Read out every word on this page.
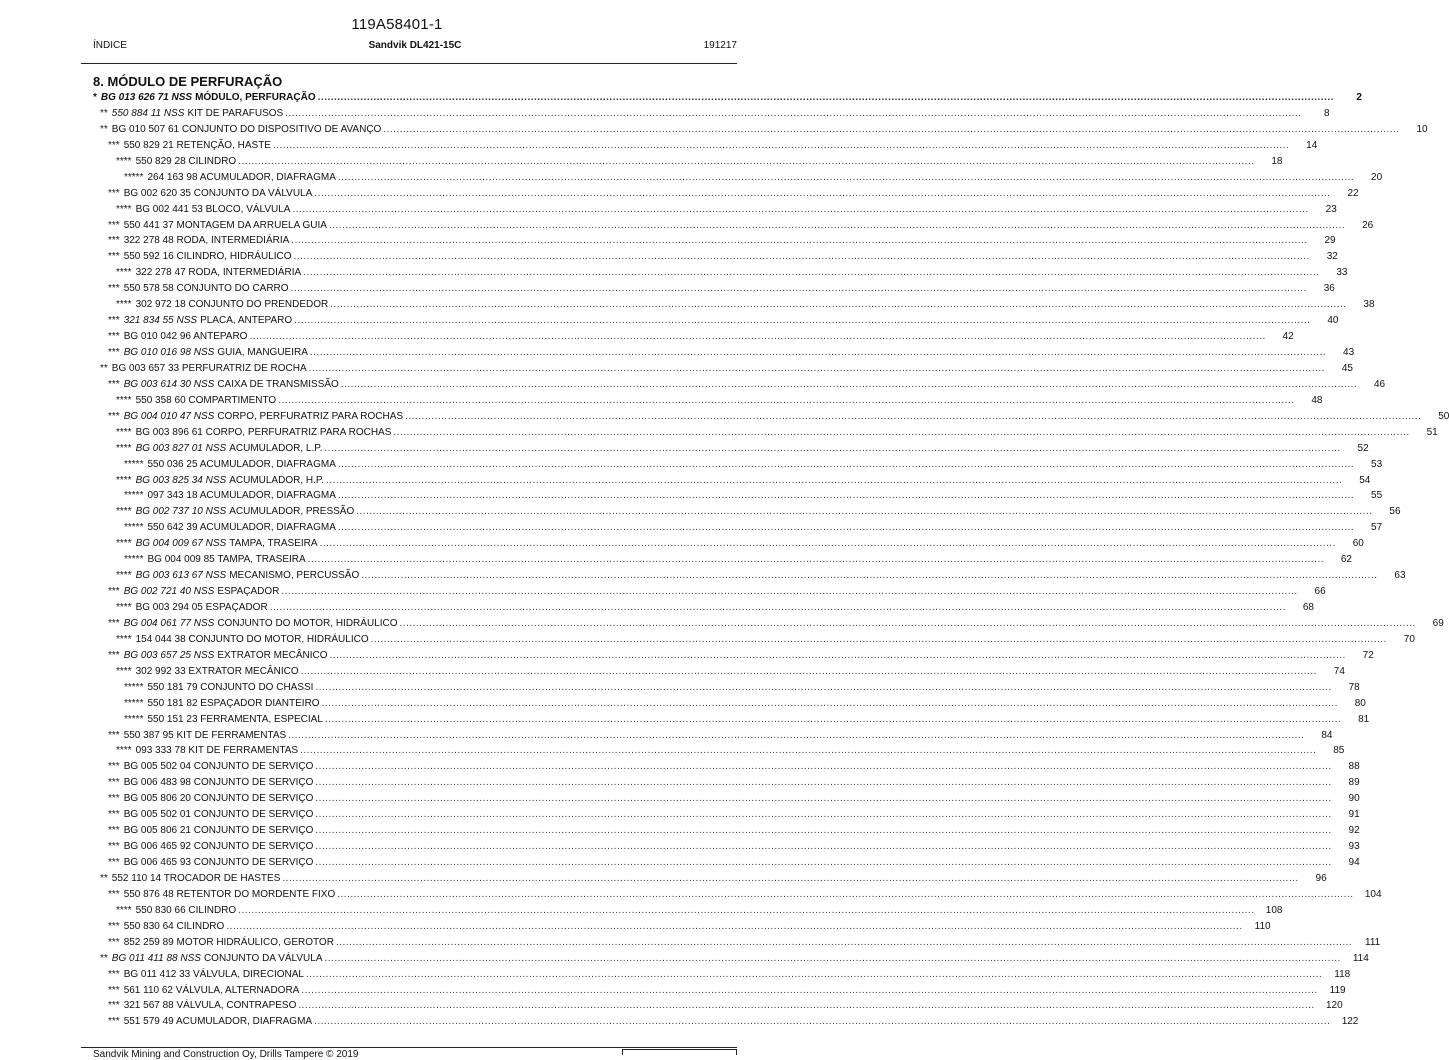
119A58401-1
ÍNDICE	Sandvik DL421-15C	191217
8. MÓDULO DE PERFURAÇÃO
* BG 013 626 71 NSS MÓDULO, PERFURAÇÃO .....	2
** 550 884 11 NSS KIT DE PARAFUSOS .....	8
** BG 010 507 61 CONJUNTO DO DISPOSITIVO DE AVANÇO .....	10
*** 550 829 21 RETENÇÃO, HASTE .....	14
**** 550 829 28 CILINDRO .....	18
***** 264 163 98 ACUMULADOR, DIAFRAGMA .....	20
*** BG 002 620 35 CONJUNTO DA VÁLVULA .....	22
**** BG 002 441 53 BLOCO, VÁLVULA .....	23
*** 550 441 37 MONTAGEM DA ARRUELA GUIA .....	26
*** 322 278 48 RODA, INTERMEDIÁRIA .....	29
*** 550 592 16 CILINDRO, HIDRÁULICO .....	32
**** 322 278 47 RODA, INTERMEDIÁRIA .....	33
*** 550 578 58 CONJUNTO DO CARRO .....	36
**** 302 972 18 CONJUNTO DO PRENDEDOR .....	38
*** 321 834 55 NSS PLACA, ANTEPARO .....	40
*** BG 010 042 96 ANTEPARO .....	42
*** BG 010 016 98 NSS GUIA, MANGUEIRA .....	43
** BG 003 657 33 PERFURATRIZ DE ROCHA .....	45
*** BG 003 614 30 NSS CAIXA DE TRANSMISSÃO .....	46
**** 550 358 60 COMPARTIMENTO .....	48
*** BG 004 010 47 NSS CORPO, PERFURATRIZ PARA ROCHAS .....	50
**** BG 003 896 61 CORPO, PERFURATRIZ PARA ROCHAS .....	51
**** BG 003 827 01 NSS ACUMULADOR, L.P. .....	52
***** 550 036 25 ACUMULADOR, DIAFRAGMA .....	53
**** BG 003 825 34 NSS ACUMULADOR, H.P. .....	54
***** 097 343 18 ACUMULADOR, DIAFRAGMA .....	55
**** BG 002 737 10 NSS ACUMULADOR, PRESSÃO .....	56
***** 550 642 39 ACUMULADOR, DIAFRAGMA .....	57
**** BG 004 009 67 NSS TAMPA, TRASEIRA .....	60
***** BG 004 009 85 TAMPA, TRASEIRA .....	62
**** BG 003 613 67 NSS MECANISMO, PERCUSSÃO .....	63
*** BG 002 721 40 NSS ESPAÇADOR .....	66
**** BG 003 294 05 ESPAÇADOR .....	68
*** BG 004 061 77 NSS CONJUNTO DO MOTOR, HIDRÁULICO .....	69
**** 154 044 38 CONJUNTO DO MOTOR, HIDRÁULICO .....	70
*** BG 003 657 25 NSS EXTRATOR MECÂNICO .....	72
**** 302 992 33 EXTRATOR MECÂNICO .....	74
***** 550 181 79 CONJUNTO DO CHASSI .....	78
***** 550 181 82 ESPAÇADOR DIANTEIRO .....	80
***** 550 151 23 FERRAMENTA, ESPECIAL .....	81
*** 550 387 95 KIT DE FERRAMENTAS .....	84
**** 093 333 78 KIT DE FERRAMENTAS .....	85
*** BG 005 502 04 CONJUNTO DE SERVIÇO .....	88
*** BG 006 483 98 CONJUNTO DE SERVIÇO .....	89
*** BG 005 806 20 CONJUNTO DE SERVIÇO .....	90
*** BG 005 502 01 CONJUNTO DE SERVIÇO .....	91
*** BG 005 806 21 CONJUNTO DE SERVIÇO .....	92
*** BG 006 465 92 CONJUNTO DE SERVIÇO .....	93
*** BG 006 465 93 CONJUNTO DE SERVIÇO .....	94
** 552 110 14 TROCADOR DE HASTES .....	96
*** 550 876 48 RETENTOR DO MORDENTE FIXO .....	104
**** 550 830 66 CILINDRO .....	108
*** 550 830 64 CILINDRO .....	110
*** 852 259 89 MOTOR HIDRÁULICO, GEROTOR .....	111
** BG 011 411 88 NSS CONJUNTO DA VÁLVULA .....	114
*** BG 011 412 33 VÁLVULA, DIRECIONAL .....	118
*** 561 110 62 VÁLVULA, ALTERNADORA .....	119
*** 321 567 88 VÁLVULA, CONTRAPESO .....	120
*** 551 579 49 ACUMULADOR, DIAFRAGMA .....	122
Sandvik Mining and Construction Oy, Drills Tampere © 2019
